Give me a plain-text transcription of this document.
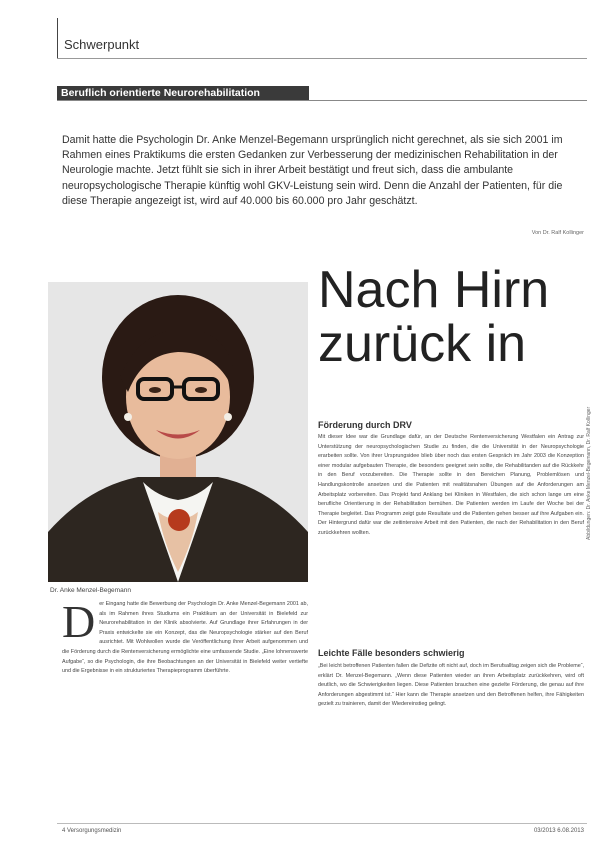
Schwerpunkt
Beruflich orientierte Neurorehabilitation

Damit hatte die Psychologin Dr. Anke Menzel-Begemann ursprünglich nicht gerechnet, als sie sich 2001 im Rahmen eines Praktikums die ersten Gedanken zur Verbesserung der medizinischen Rehabilitation in der Neurologie machte. Jetzt fühlt sie sich in ihrer Arbeit bestätigt und freut sich, dass die ambulante neuropsychologische Therapie künftig wohl GKV-Leistung sein wird. Denn die Anzahl der Patienten, für die diese Therapie angezeigt ist, wird auf 40.000 bis 60.000 pro Jahr geschätzt.

Von Dr. Ralf Kollinger
Nach Hirn
zurück in
Dr. Anke Menzel-Begemann
Förderung durch DRV
Mit dieser Idee war die Grundlage dafür, an der Deutsche Rentenversicherung Westfalen ein Antrag zur Unterstützung der neuropsychologischen Studie zu finden, die die Universität in der Neuropsychologie erarbeiten sollte. Von ihrer Ursprungsidee blieb über noch das ersten Gespräch im Jahr 2003 die Konzeption einer modular aufgebauten Therapie, die besonders geeignet sein sollte, die Rehabilitanden auf die Rückkehr in den Beruf vorzubereiten. Die Therapie sollte in den Bereichen Planung, Problemlösen und Handlungskontrolle ansetzen und die Patienten mit realitätsnahen Übungen auf die Anforderungen am Arbeitsplatz vorbereiten. Das Projekt fand Anklang bei Kliniken in Westfalen, die sich schon lange um eine berufliche Orientierung in der Rehabilitation bemühen. Die Patienten werden im Laufe der Woche bei der Therapie begleitet. Das Programm zeigt gute Resultate und die Patienten gehen besser auf ihre Aufgaben ein. Der Hintergrund dafür war die zeitintensive Arbeit mit den Patienten, die nach der Rehabilitation in den Beruf zurückkehren wollten.
Leichte Fälle besonders schwierig
„Bei leicht betroffenen Patienten fallen die Defizite oft nicht auf, doch im Berufsalltag zeigen sich die Probleme“, erklärt Dr. Menzel-Begemann. „Wenn diese Patienten wieder an ihren Arbeitsplatz zurückkehren, wird oft deutlich, wo die Schwierigkeiten liegen. Diese Patienten brauchen eine gezielte Förderung, die genau auf ihre Anforderungen abgestimmt ist.“ Hier kann die Therapie ansetzen und den Betroffenen helfen, ihre Fähigkeiten gezielt zu trainieren, damit der Wiedereinstieg gelingt.
D er Eingang hatte die Bewerbung der Psychologin Dr. Anke Menzel-Begemann 2001 ab, als im Rahmen ihres Studiums ein Praktikum an der Universität in Bielefeld zur Neurorehabilitation in der Klinik absolvierte. Auf Grundlage ihrer Erfahrungen in der Praxis entwickelte sie ein Konzept, das die Neuropsychologie stärker auf den Beruf ausrichtet. Mit Wohlwollen wurde die Veröffentlichung ihrer Arbeit aufgenommen und die Förderung durch die Rentenversicherung ermöglichte eine umfassende Studie. „Eine lohnenswerte Aufgabe“, so die Psychologin, die ihre Beobachtungen an der Universität in Bielefeld weiter vertiefte und die Ergebnisse in ein strukturiertes Therapieprogramm überführte.
Abbildungen: Dr. Anke Menzel-Begemann, Dr. Ralf Kollinger
4 Versorgungsmedizin	03/2013 6.08.2013
